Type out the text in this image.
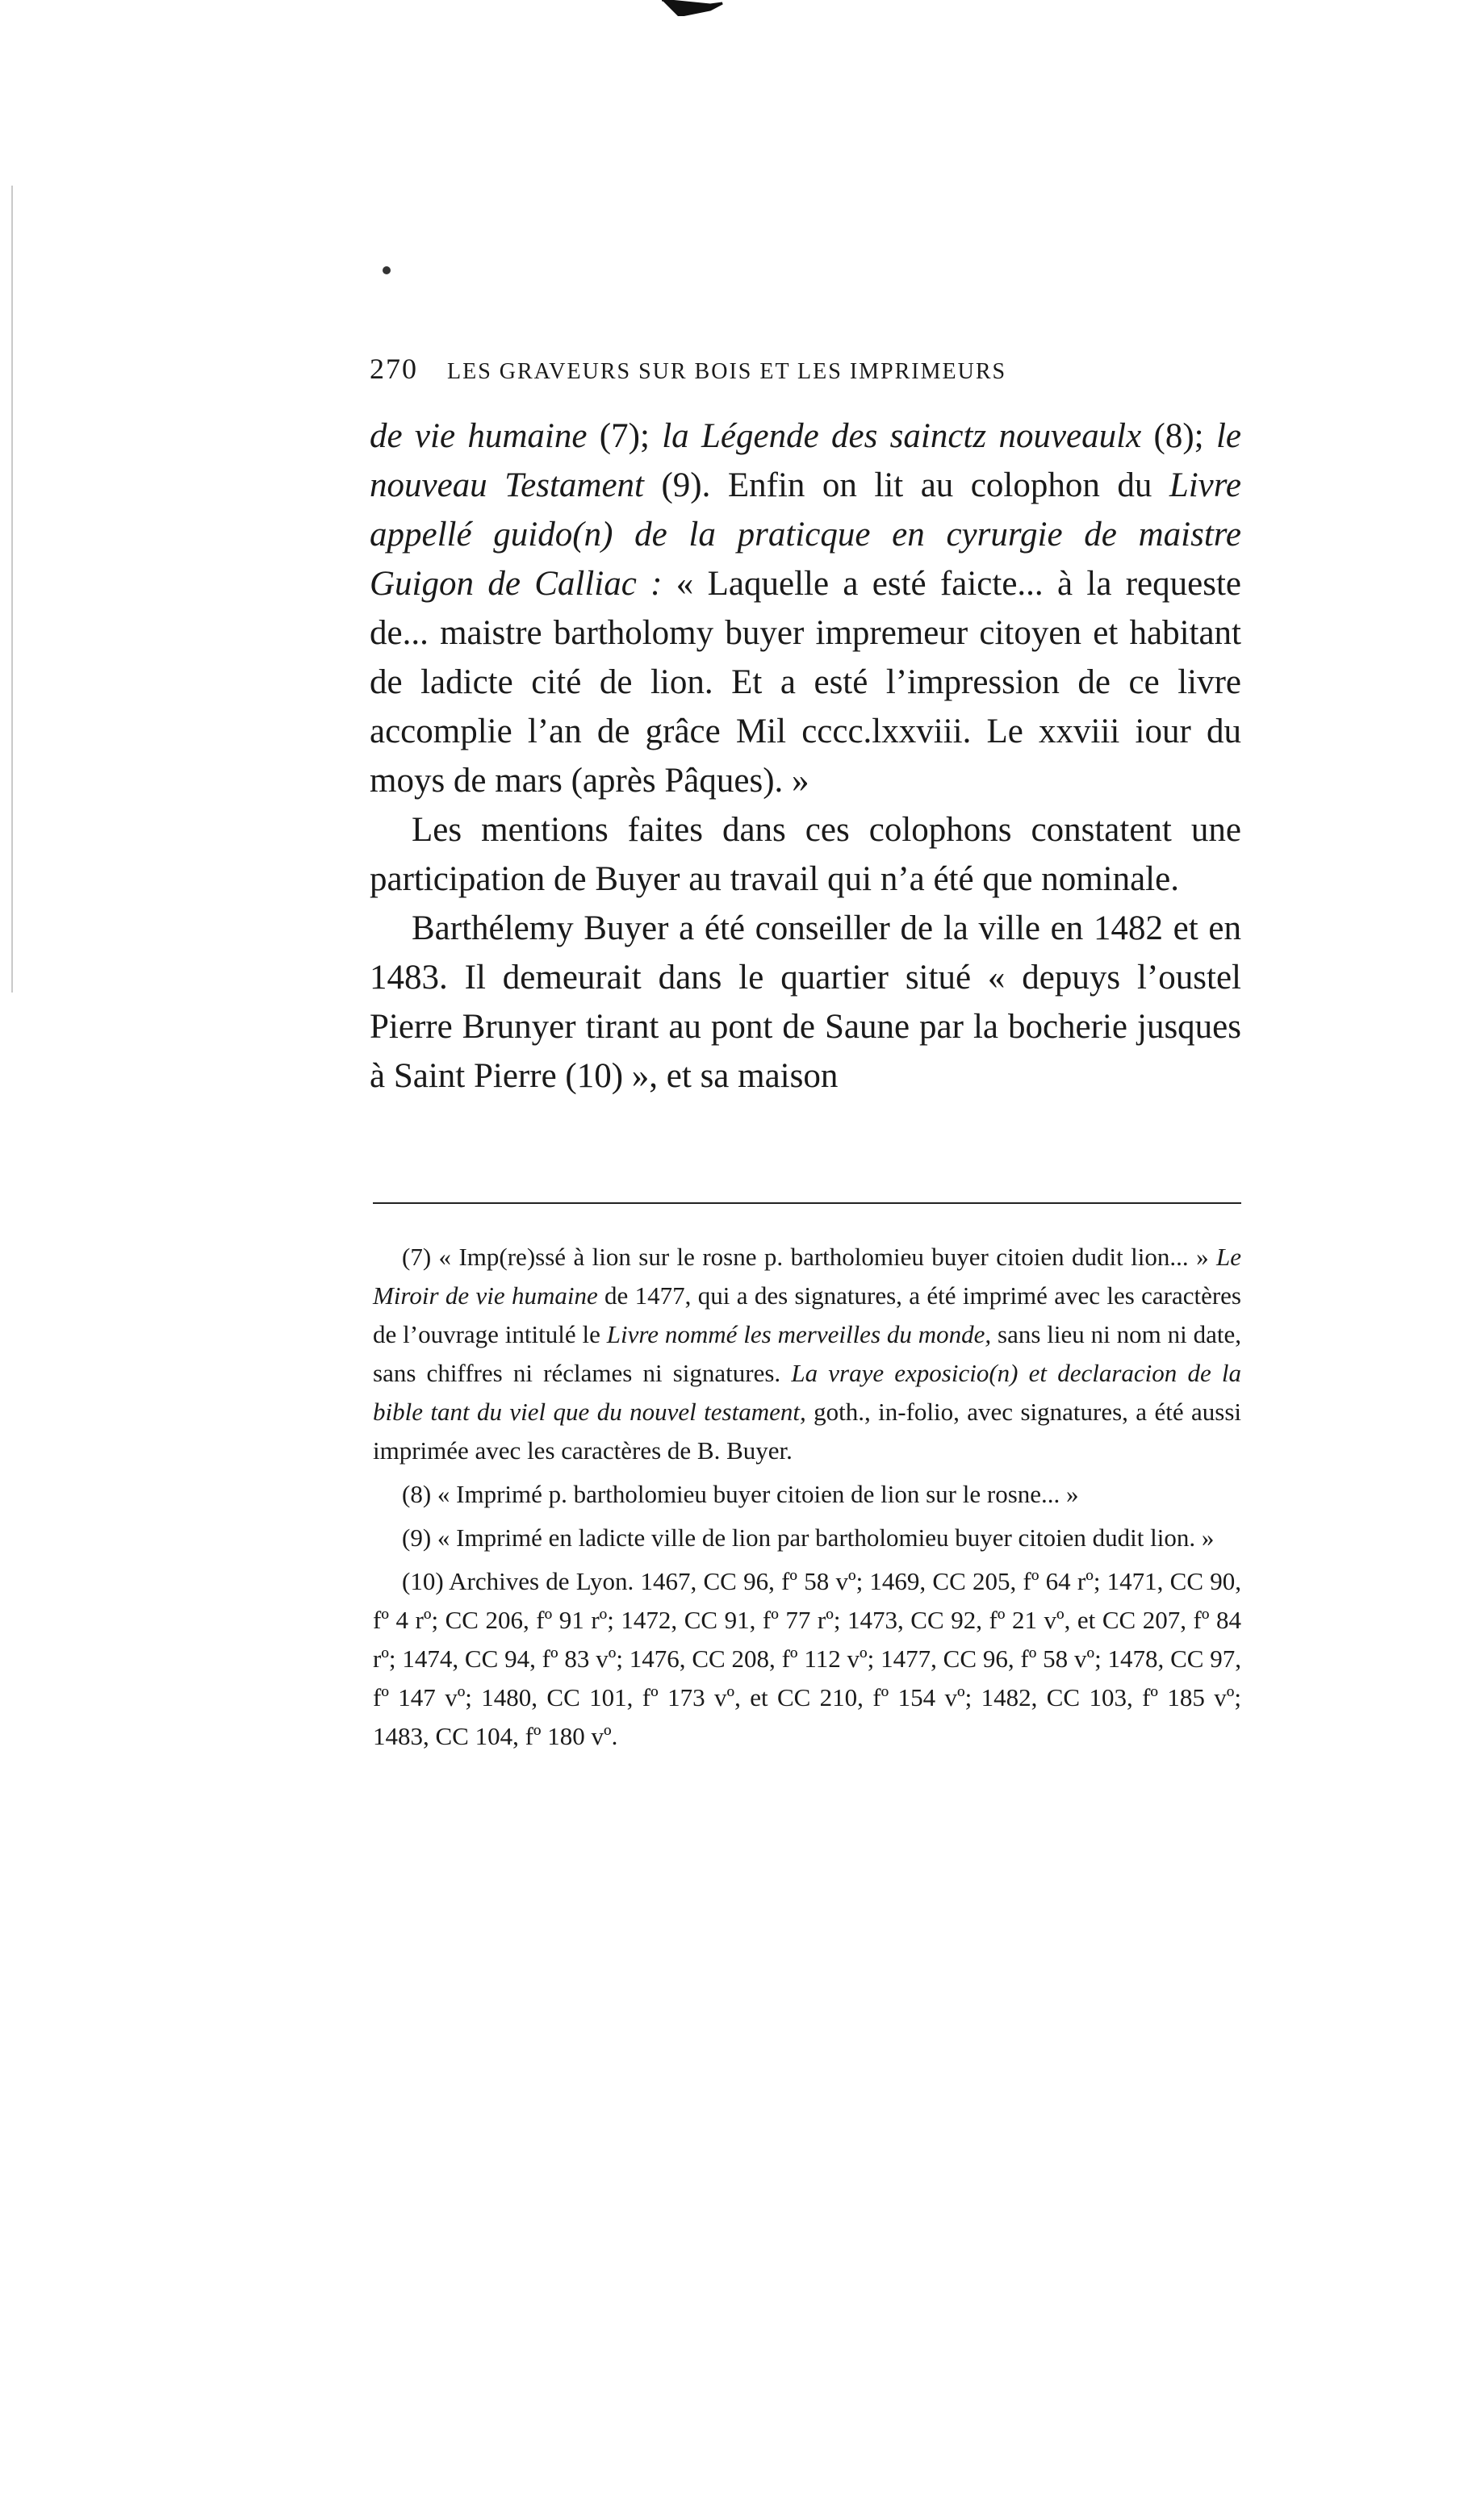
270 LES GRAVEURS SUR BOIS ET LES IMPRIMEURS

de vie humaine (7); la Légende des sainctz nouveaulx (8); le nouveau Testament (9). Enfin on lit au colophon du Livre appellé guido(n) de la praticque en cyrurgie de maistre Guigon de Calliac : « Laquelle a esté faicte... à la requeste de... maistre bartholomy buyer impremeur citoyen et habitant de ladicte cité de lion. Et a esté l’impression de ce livre accomplie l’an de grâce Mil cccc.lxxviii. Le xxviii iour du moys de mars (après Pâques). »

Les mentions faites dans ces colophons constatent une participation de Buyer au travail qui n’a été que nominale.

Barthélemy Buyer a été conseiller de la ville en 1482 et en 1483. Il demeurait dans le quartier situé « depuys l’oustel Pierre Brunyer tirant au pont de Saune par la bocherie jusques à Saint Pierre (10) », et sa maison

(7) « Imp(re)ssé à lion sur le rosne p. bartholomieu buyer citoien dudit lion... » Le Miroir de vie humaine de 1477, qui a des signatures, a été imprimé avec les caractères de l’ouvrage intitulé le Livre nommé les merveilles du monde, sans lieu ni nom ni date, sans chiffres ni réclames ni signatures. La vraye exposicio(n) et declaracion de la bible tant du viel que du nouvel testament, goth., in-folio, avec signatures, a été aussi imprimée avec les caractères de B. Buyer.

(8) « Imprimé p. bartholomieu buyer citoien de lion sur le rosne... »

(9) « Imprimé en ladicte ville de lion par bartholomieu buyer citoien dudit lion. »

(10) Archives de Lyon. 1467, CC 96, fº 58 vº; 1469, CC 205, fº 64 rº; 1471, CC 90, fº 4 rº; CC 206, fº 91 rº; 1472, CC 91, fº 77 rº; 1473, CC 92, fº 21 vº, et CC 207, fº 84 rº; 1474, CC 94, fº 83 vº; 1476, CC 208, fº 112 vº; 1477, CC 96, fº 58 vº; 1478, CC 97, fº 147 vº; 1480, CC 101, fº 173 vº, et CC 210, fº 154 vº; 1482, CC 103, fº 185 vº; 1483, CC 104, fº 180 vº.
